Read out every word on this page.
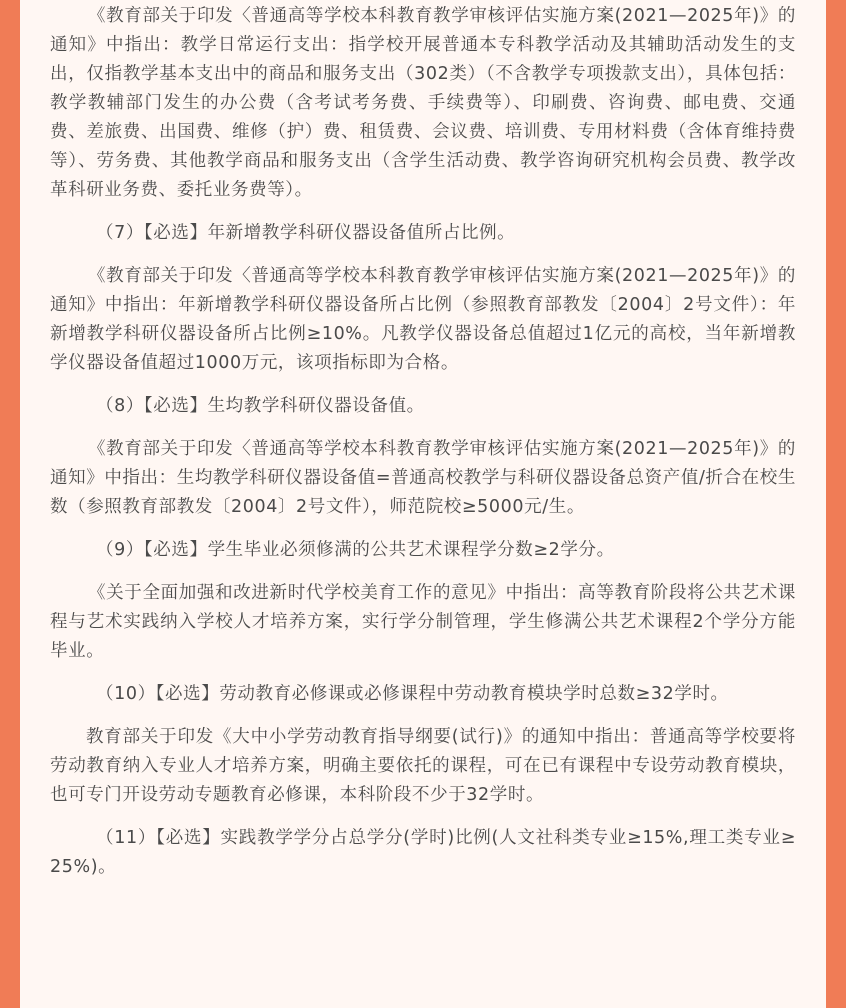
《教育部关于印发〈普通高等学校本科教育教学审核评估实施方案(2021—2025年)》的通知》中指出：教学日常运行支出：指学校开展普通本专科教学活动及其辅助活动发生的支出，仅指教学基本支出中的商品和服务支出（302类）（不含教学专项拨款支出），具体包括：教学教辅部门发生的办公费（含考试考务费、手续费等）、印刷费、咨询费、邮电费、交通费、差旅费、出国费、维修（护）费、租赁费、会议费、培训费、专用材料费（含体育维持费等）、劳务费、其他教学商品和服务支出（含学生活动费、教学咨询研究机构会员费、教学改革科研业务费、委托业务费等）。

（7）【必选】年新增教学科研仪器设备值所占比例。

《教育部关于印发〈普通高等学校本科教育教学审核评估实施方案(2021—2025年)》的通知》中指出：年新增教学科研仪器设备所占比例（参照教育部教发〔2004〕2号文件）：年新增教学科研仪器设备所占比例≥10%。凡教学仪器设备总值超过1亿元的高校，当年新增教学仪器设备值超过1000万元，该项指标即为合格。

（8）【必选】生均教学科研仪器设备值。

《教育部关于印发〈普通高等学校本科教育教学审核评估实施方案(2021—2025年)》的通知》中指出：生均教学科研仪器设备值=普通高校教学与科研仪器设备总资产值/折合在校生数（参照教育部教发〔2004〕2号文件），师范院校≥5000元/生。

（9）【必选】学生毕业必须修满的公共艺术课程学分数≥2学分。

《关于全面加强和改进新时代学校美育工作的意见》中指出：高等教育阶段将公共艺术课程与艺术实践纳入学校人才培养方案，实行学分制管理，学生修满公共艺术课程2个学分方能毕业。

（10）【必选】劳动教育必修课或必修课程中劳动教育模块学时总数≥32学时。

教育部关于印发《大中小学劳动教育指导纲要(试行)》的通知中指出：普通高等学校要将劳动教育纳入专业人才培养方案，明确主要依托的课程，可在已有课程中专设劳动教育模块，也可专门开设劳动专题教育必修课，本科阶段不少于32学时。

（11）【必选】实践教学学分占总学分(学时)比例(人文社科类专业≥15%,理工类专业≥25%)。
